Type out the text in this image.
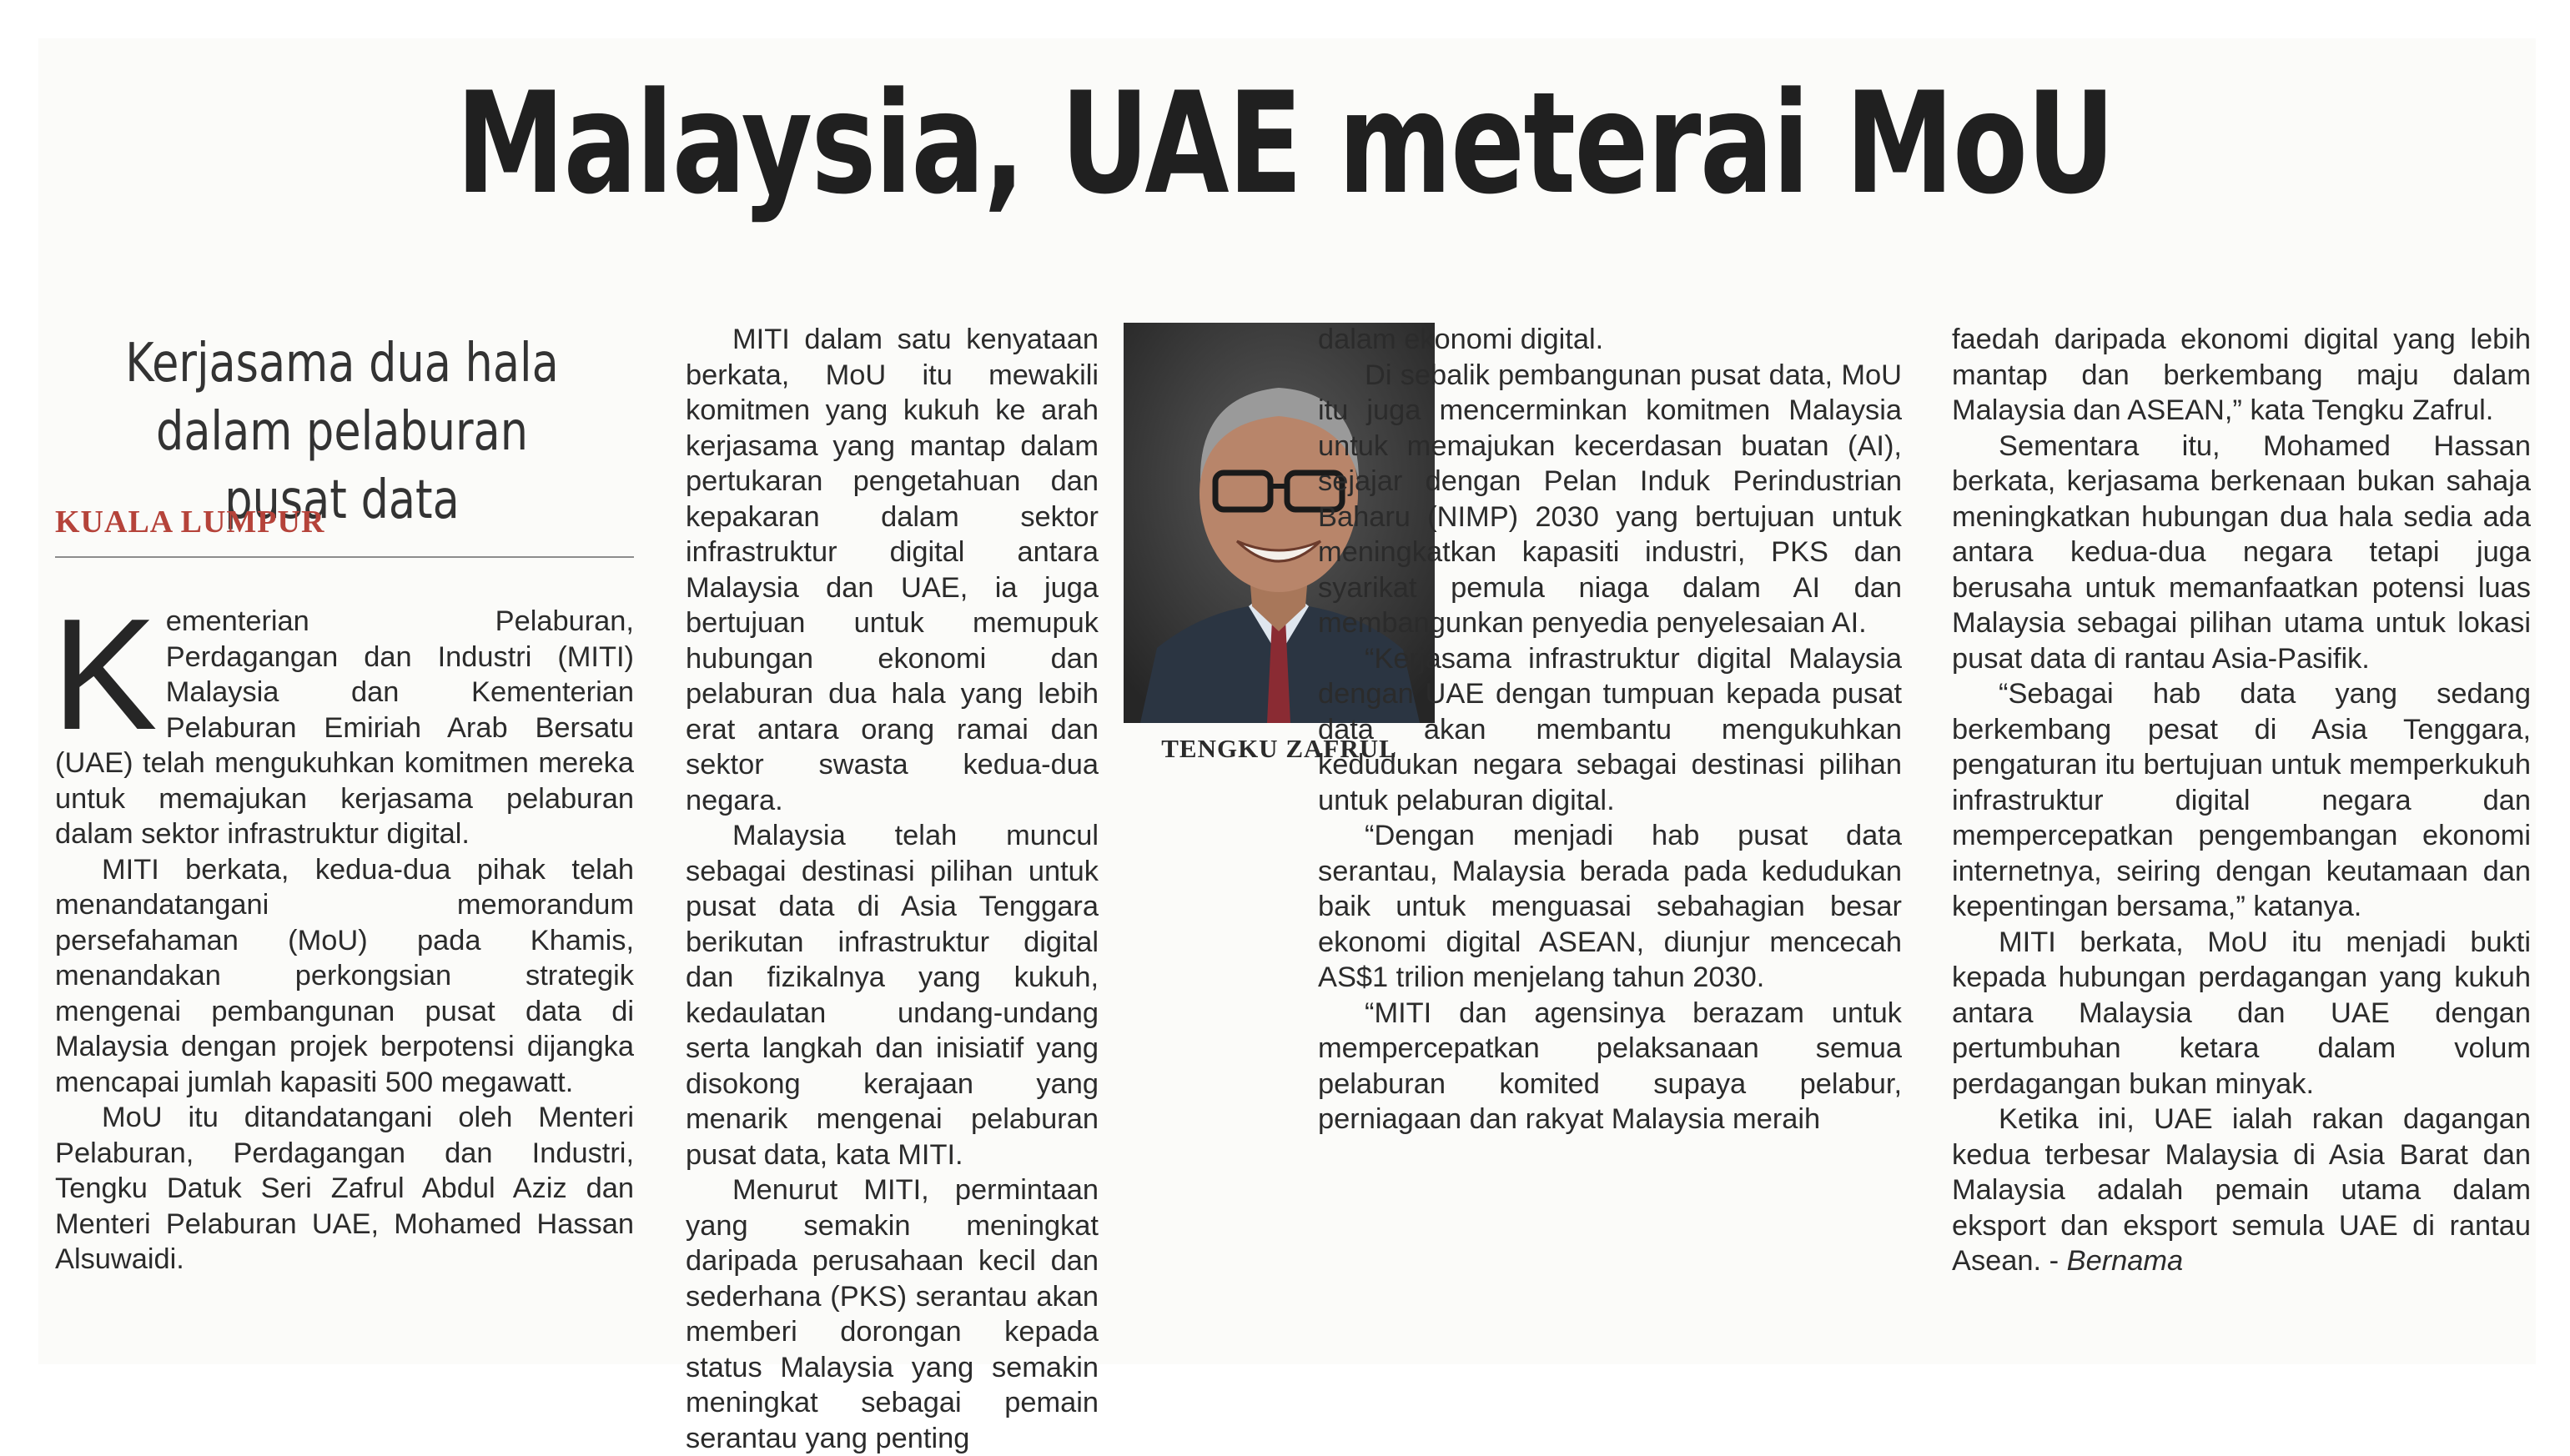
Malaysia, UAE meterai MoU
Kerjasama dua hala dalam pelaburan pusat data
KUALA LUMPUR

Kementerian Pelaburan, Perdagangan dan Industri (MITI) Malaysia dan Kementerian Pelaburan Emiriah Arab Bersatu (UAE) telah mengukuhkan komitmen mereka untuk memajukan kerjasama pelaburan dalam sektor infrastruktur digital.

MITI berkata, kedua-dua pihak telah menandatangani memorandum persefahaman (MoU) pada Khamis, menandakan perkongsian strategik mengenai pembangunan pusat data di Malaysia dengan projek berpotensi dijangka mencapai jumlah kapasiti 500 megawatt.

MoU itu ditandatangani oleh Menteri Pelaburan, Perdagangan dan Industri, Tengku Datuk Seri Zafrul Abdul Aziz dan Menteri Pelaburan UAE, Mohamed Hassan Alsuwaidi.

MITI dalam satu kenyataan berkata, MoU itu mewakili komitmen yang kukuh ke arah kerjasama yang mantap dalam pertukaran pengetahuan dan kepakaran dalam sektor infrastruktur digital antara Malaysia dan UAE, ia juga bertujuan untuk memupuk hubungan ekonomi dan pelaburan dua hala yang lebih erat antara orang ramai dan sektor swasta kedua-dua negara.

Malaysia telah muncul sebagai destinasi pilihan untuk pusat data di Asia Tenggara berikutan infrastruktur digital dan fizikalnya yang kukuh, kedaulatan undang-undang serta langkah dan inisiatif yang disokong kerajaan yang menarik mengenai pelaburan pusat data, kata MITI.

Menurut MITI, permintaan yang semakin meningkat daripada perusahaan kecil dan sederhana (PKS) serantau akan memberi dorongan kepada status Malaysia yang semakin meningkat sebagai pemain serantau yang penting

TENGKU ZAFRUL

dalam ekonomi digital.

Di sebalik pembangunan pusat data, MoU itu juga mencerminkan komitmen Malaysia untuk memajukan kecerdasan buatan (AI), sejajar dengan Pelan Induk Perindustrian Baharu (NIMP) 2030 yang bertujuan untuk meningkatkan kapasiti industri, PKS dan syarikat pemula niaga dalam AI dan membangunkan penyedia penyelesaian AI.

“Kerjasama infrastruktur digital Malaysia dengan UAE dengan tumpuan kepada pusat data akan membantu mengukuhkan kedudukan negara sebagai destinasi pilihan untuk pelaburan digital.

“Dengan menjadi hab pusat data serantau, Malaysia berada pada kedudukan baik untuk menguasai sebahagian besar ekonomi digital ASEAN, diunjur mencecah AS$1 trilion menjelang tahun 2030.

“MITI dan agensinya berazam untuk mempercepatkan pelaksanaan semua pelaburan komited supaya pelabur, perniagaan dan rakyat Malaysia meraih

faedah daripada ekonomi digital yang lebih mantap dan berkembang maju dalam Malaysia dan ASEAN,” kata Tengku Zafrul.

Sementara itu, Mohamed Hassan berkata, kerjasama berkenaan bukan sahaja meningkatkan hubungan dua hala sedia ada antara kedua-dua negara tetapi juga berusaha untuk memanfaatkan potensi luas Malaysia sebagai pilihan utama untuk lokasi pusat data di rantau Asia-Pasifik.

“Sebagai hab data yang sedang berkembang pesat di Asia Tenggara, pengaturan itu bertujuan untuk memperkukuh infrastruktur digital negara dan mempercepatkan pengembangan ekonomi internetnya, seiring dengan keutamaan dan kepentingan bersama,” katanya.

MITI berkata, MoU itu menjadi bukti kepada hubungan perdagangan yang kukuh antara Malaysia dan UAE dengan pertumbuhan ketara dalam volum perdagangan bukan minyak.

Ketika ini, UAE ialah rakan dagangan kedua terbesar Malaysia di Asia Barat dan Malaysia adalah pemain utama dalam eksport dan eksport semula UAE di rantau Asean. - Bernama
